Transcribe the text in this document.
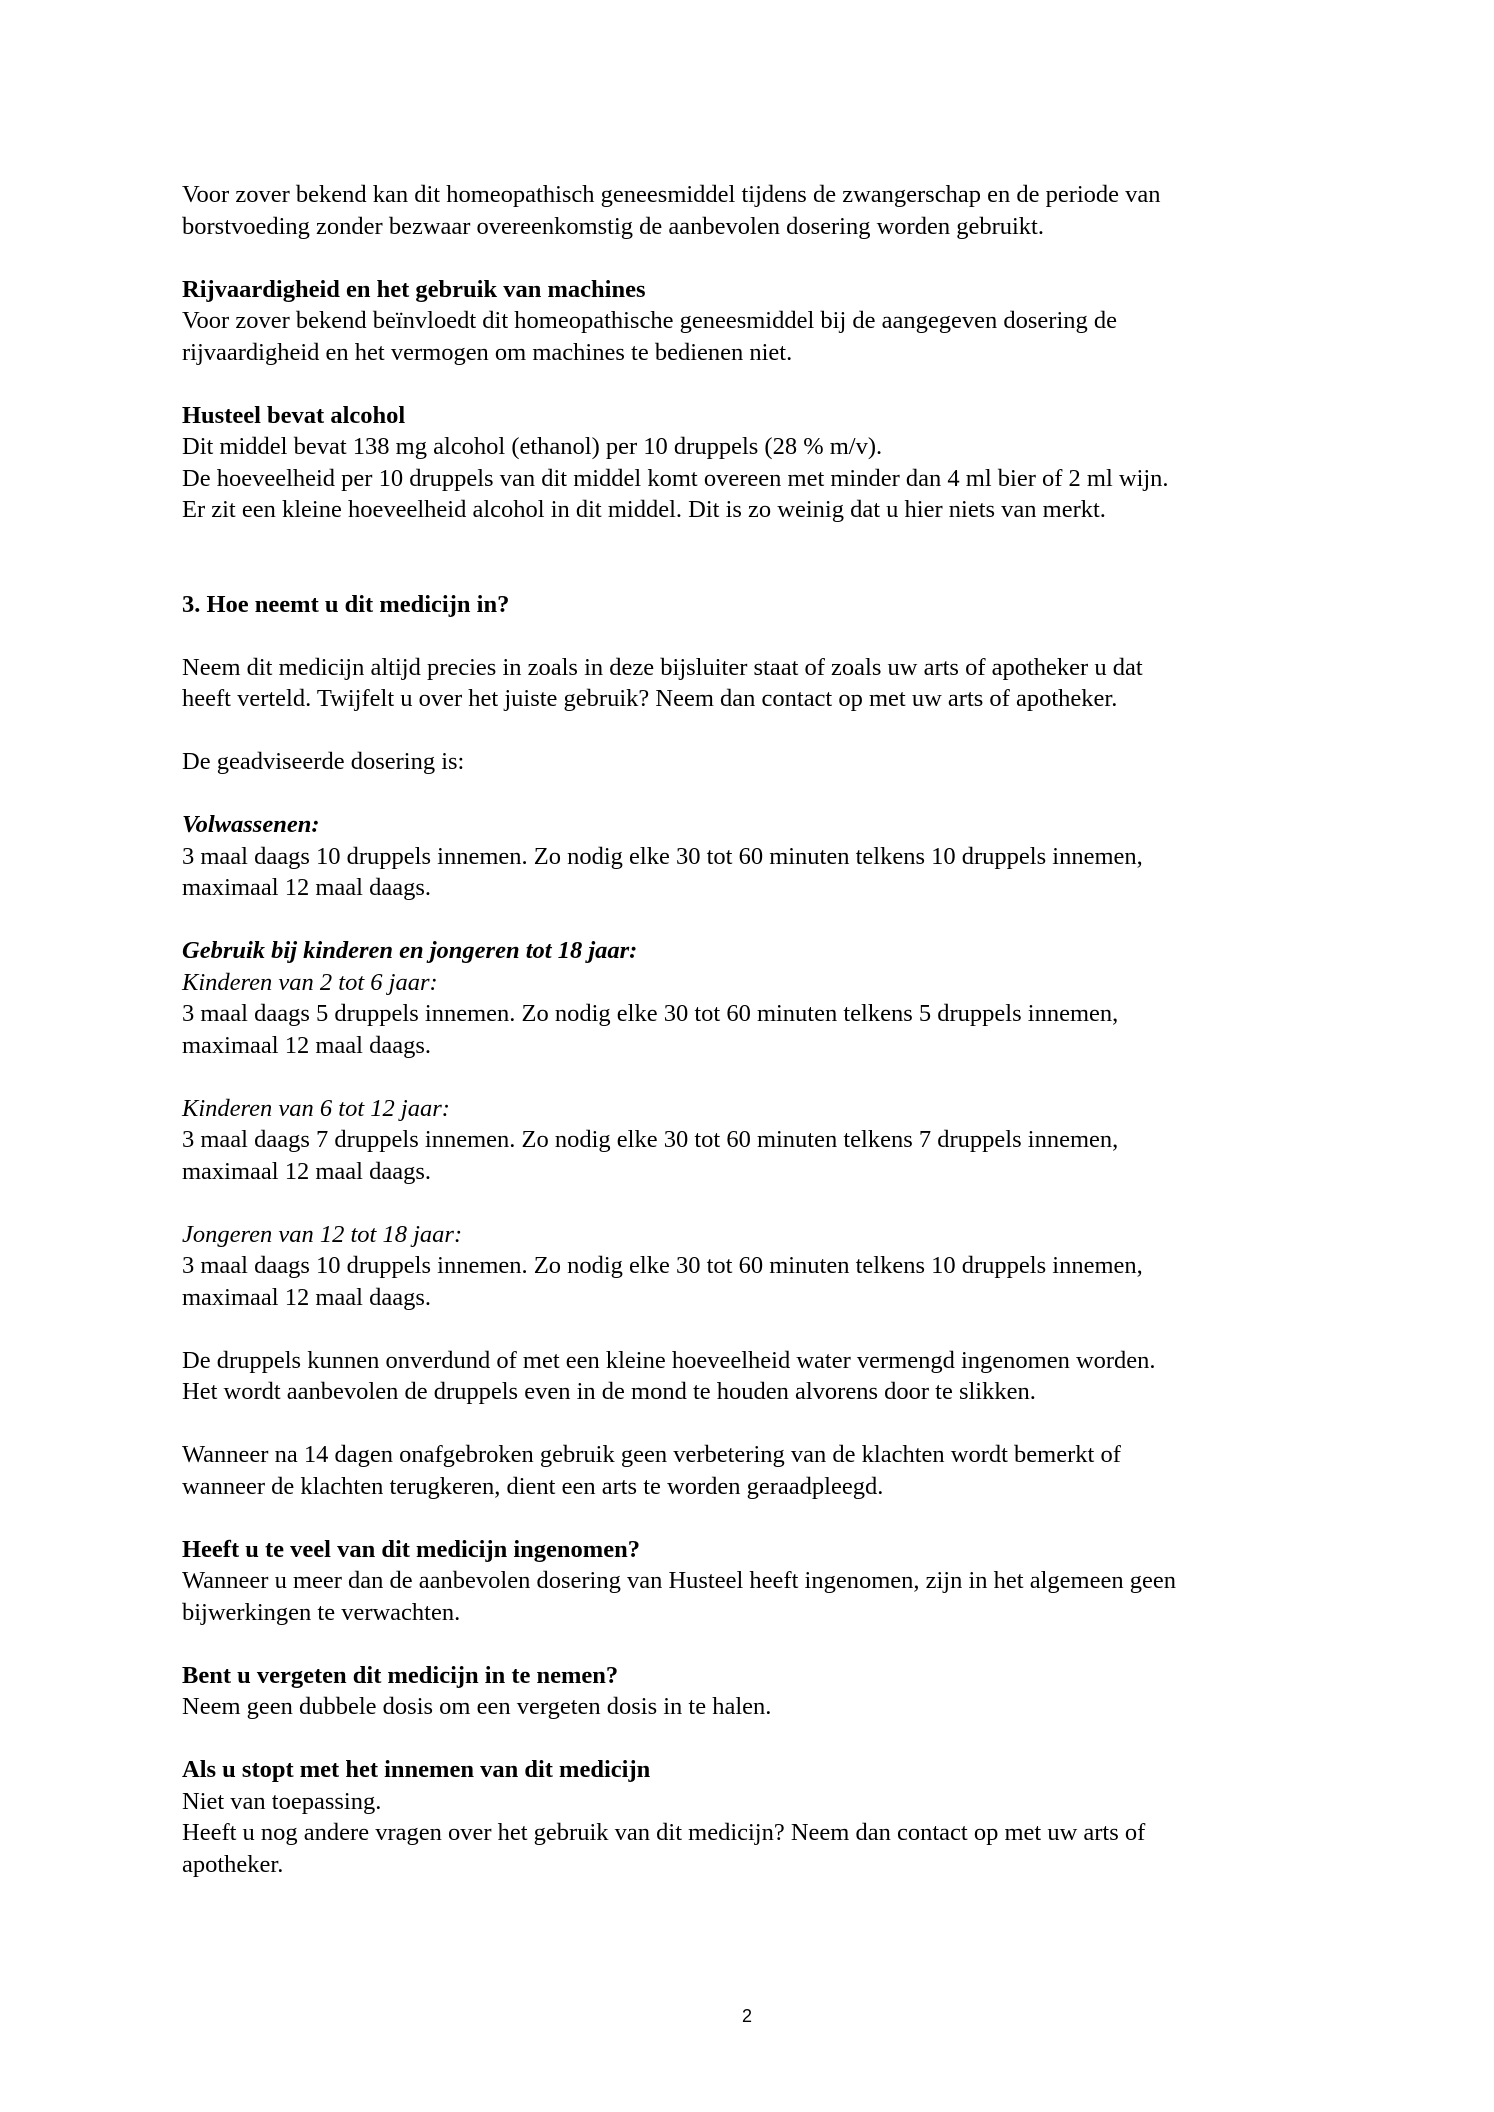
Voor zover bekend kan dit homeopathisch geneesmiddel tijdens de zwangerschap en de periode van
borstvoeding zonder bezwaar overeenkomstig de aanbevolen dosering worden gebruikt.
Rijvaardigheid en het gebruik van machines
Voor zover bekend beïnvloedt dit homeopathische geneesmiddel bij de aangegeven dosering de
rijvaardigheid en het vermogen om machines te bedienen niet.
Husteel bevat alcohol
Dit middel bevat 138 mg alcohol (ethanol) per 10 druppels (28 % m/v).
De hoeveelheid per 10 druppels van dit middel komt overeen met minder dan 4 ml bier of 2 ml wijn.
Er zit een kleine hoeveelheid alcohol in dit middel. Dit is zo weinig dat u hier niets van merkt.
3. Hoe neemt u dit medicijn in?
Neem dit medicijn altijd precies in zoals in deze bijsluiter staat of zoals uw arts of apotheker u dat
heeft verteld. Twijfelt u over het juiste gebruik? Neem dan contact op met uw arts of apotheker.
De geadviseerde dosering is:
Volwassenen:
3 maal daags 10 druppels innemen. Zo nodig elke 30 tot 60 minuten telkens 10 druppels innemen,
maximaal 12 maal daags.
Gebruik bij kinderen en jongeren tot 18 jaar:
Kinderen van 2 tot 6 jaar:
3 maal daags 5 druppels innemen. Zo nodig elke 30 tot 60 minuten telkens 5 druppels innemen,
maximaal 12 maal daags.
Kinderen van 6 tot 12 jaar:
3 maal daags 7 druppels innemen. Zo nodig elke 30 tot 60 minuten telkens 7 druppels innemen,
maximaal 12 maal daags.
Jongeren van 12 tot 18 jaar:
3 maal daags 10 druppels innemen. Zo nodig elke 30 tot 60 minuten telkens 10 druppels innemen,
maximaal 12 maal daags.
De druppels kunnen onverdund of met een kleine hoeveelheid water vermengd ingenomen worden.
Het wordt aanbevolen de druppels even in de mond te houden alvorens door te slikken.
Wanneer na 14 dagen onafgebroken gebruik geen verbetering van de klachten wordt bemerkt of
wanneer de klachten terugkeren, dient een arts te worden geraadpleegd.
Heeft u te veel van dit medicijn ingenomen?
Wanneer u meer dan de aanbevolen dosering van Husteel heeft ingenomen, zijn in het algemeen geen
bijwerkingen te verwachten.
Bent u vergeten dit medicijn in te nemen?
Neem geen dubbele dosis om een vergeten dosis in te halen.
Als u stopt met het innemen van dit medicijn
Niet van toepassing.
Heeft u nog andere vragen over het gebruik van dit medicijn? Neem dan contact op met uw arts of
apotheker.
2
